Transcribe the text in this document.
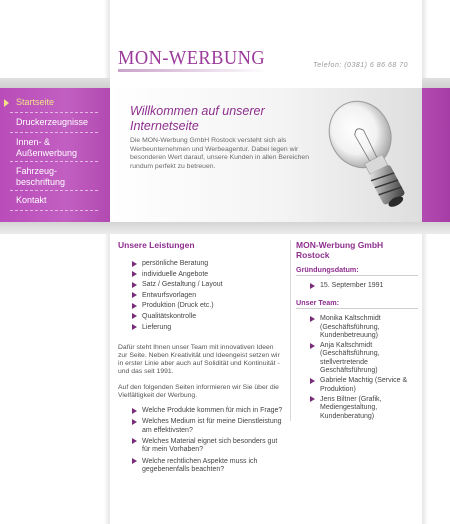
Startseite
Druckerzeugnisse
Innen- & Außenwerbung
Fahrzeug-beschriftung
Kontakt
MON-WERBUNG	Telefon: (0381) 6 86 68 70
Willkommen auf unserer Internetseite
Die MON-Werbung GmbH Rostock versteht sich als Werbeunternehmen und Werbeagentur. Dabei legen wir besonderen Wert darauf, unsere Kunden in allen Bereichen rundum perfekt zu betreuen.
Unsere Leistungen
persönliche Beratung
individuelle Angebote
Satz / Gestaltung / Layout
Entwurfsvorlagen
Produktion (Druck etc.)
Qualitätskontrolle
Lieferung

Dafür steht Ihnen unser Team mit innovativen Ideen zur Seite. Neben Kreativität und Ideengeist setzen wir in erster Linie aber auch auf Solidität und Kontinuität - und das seit 1991.

Auf den folgenden Seiten informieren wir Sie über die Vielfältigkeit der Werbung.

Welche Produkte kommen für mich in Frage?
Welches Medium ist für meine Dienstleistung am effektivsten?
Welches Material eignet sich besonders gut für mein Vorhaben?
Welche rechtlichen Aspekte muss ich gegebenenfalls beachten?
MON-Werbung GmbH Rostock
Gründungsdatum:
15. September 1991
Unser Team:
Monika Kaltschmidt (Geschäftsführung, Kundenbetreuung)
Anja Kaltschmidt (Geschäftsführung, stellvertretende Geschäftsführung)
Gabriele Machtig (Service & Produktion)
Jens Biltner (Grafik, Mediengestaltung, Kundenberatung)
